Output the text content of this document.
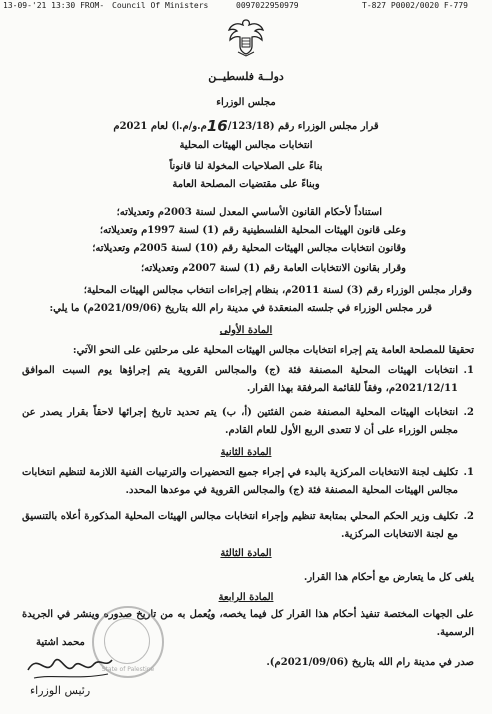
13-09-'21 13:30 FROM- Council Of Ministers	0097022950979	T-827 P0002/0020 F-779
دولــة فلسطيــن
مجلس الوزراء
قرار مجلس الوزراء رقم (16/123/18م.و/م.ا) لعام 2021م
انتخابات مجالس الهيئات المحلية
بناءً على الصلاحيات المخولة لنا قانوناً
وبناءً على مقتضيات المصلحة العامة
استناداً لأحكام القانون الأساسي المعدل لسنة 2003م وتعديلاته؛
وعلى قانون الهيئات المحلية الفلسطينية رقم (1) لسنة 1997م وتعديلاته؛
وقانون انتخابات مجالس الهيئات المحلية رقم (10) لسنة 2005م وتعديلاته؛
وقرار بقانون الانتخابات العامة رقم (1) لسنة 2007م وتعديلاته؛
وقرار مجلس الوزراء رقم (3) لسنة 2011م، بنظام إجراءات انتخاب مجالس الهيئات المحلية؛
قرر مجلس الوزراء في جلسته المنعقدة في مدينة رام الله بتاريخ (2021/09/06م) ما يلي:
المادة الأولى
تحقيقا للمصلحة العامة يتم إجراء انتخابات مجالس الهيئات المحلية على مرحلتين على النحو الآتي:
1.
انتخابات الهيئات المحلية المصنفة فئة (ج) والمجالس القروية يتم إجراؤها يوم السبت الموافق 2021/12/11م، وفقاً للقائمة المرفقة بهذا القرار.
2.
انتخابات الهيئات المحلية المصنفة ضمن الفئتين (أ، ب) يتم تحديد تاريخ إجرائها لاحقاً بقرار يصدر عن مجلس الوزراء على أن لا تتعدى الربع الأول للعام القادم.
المادة الثانية
1.
تكليف لجنة الانتخابات المركزية بالبدء في إجراء جميع التحضيرات والترتيبات الفنية اللازمة لتنظيم انتخابات مجالس الهيئات المحلية المصنفة فئة (ج) والمجالس القروية في موعدها المحدد.
2.
تكليف وزير الحكم المحلي بمتابعة تنظيم وإجراء انتخابات مجالس الهيئات المحلية المذكورة أعلاه بالتنسيق مع لجنة الانتخابات المركزية.
المادة الثالثة
يلغى كل ما يتعارض مع أحكام هذا القرار.
المادة الرابعة
على الجهات المختصة تنفيذ أحكام هذا القرار كل فيما يخصه، ويُعمل به من تاريخ صدوره وينشر في الجريدة الرسمية.
صدر في مدينة رام الله بتاريخ (2021/09/06م).
State of Palestine
محمد اشتية
رئيس الوزراء
